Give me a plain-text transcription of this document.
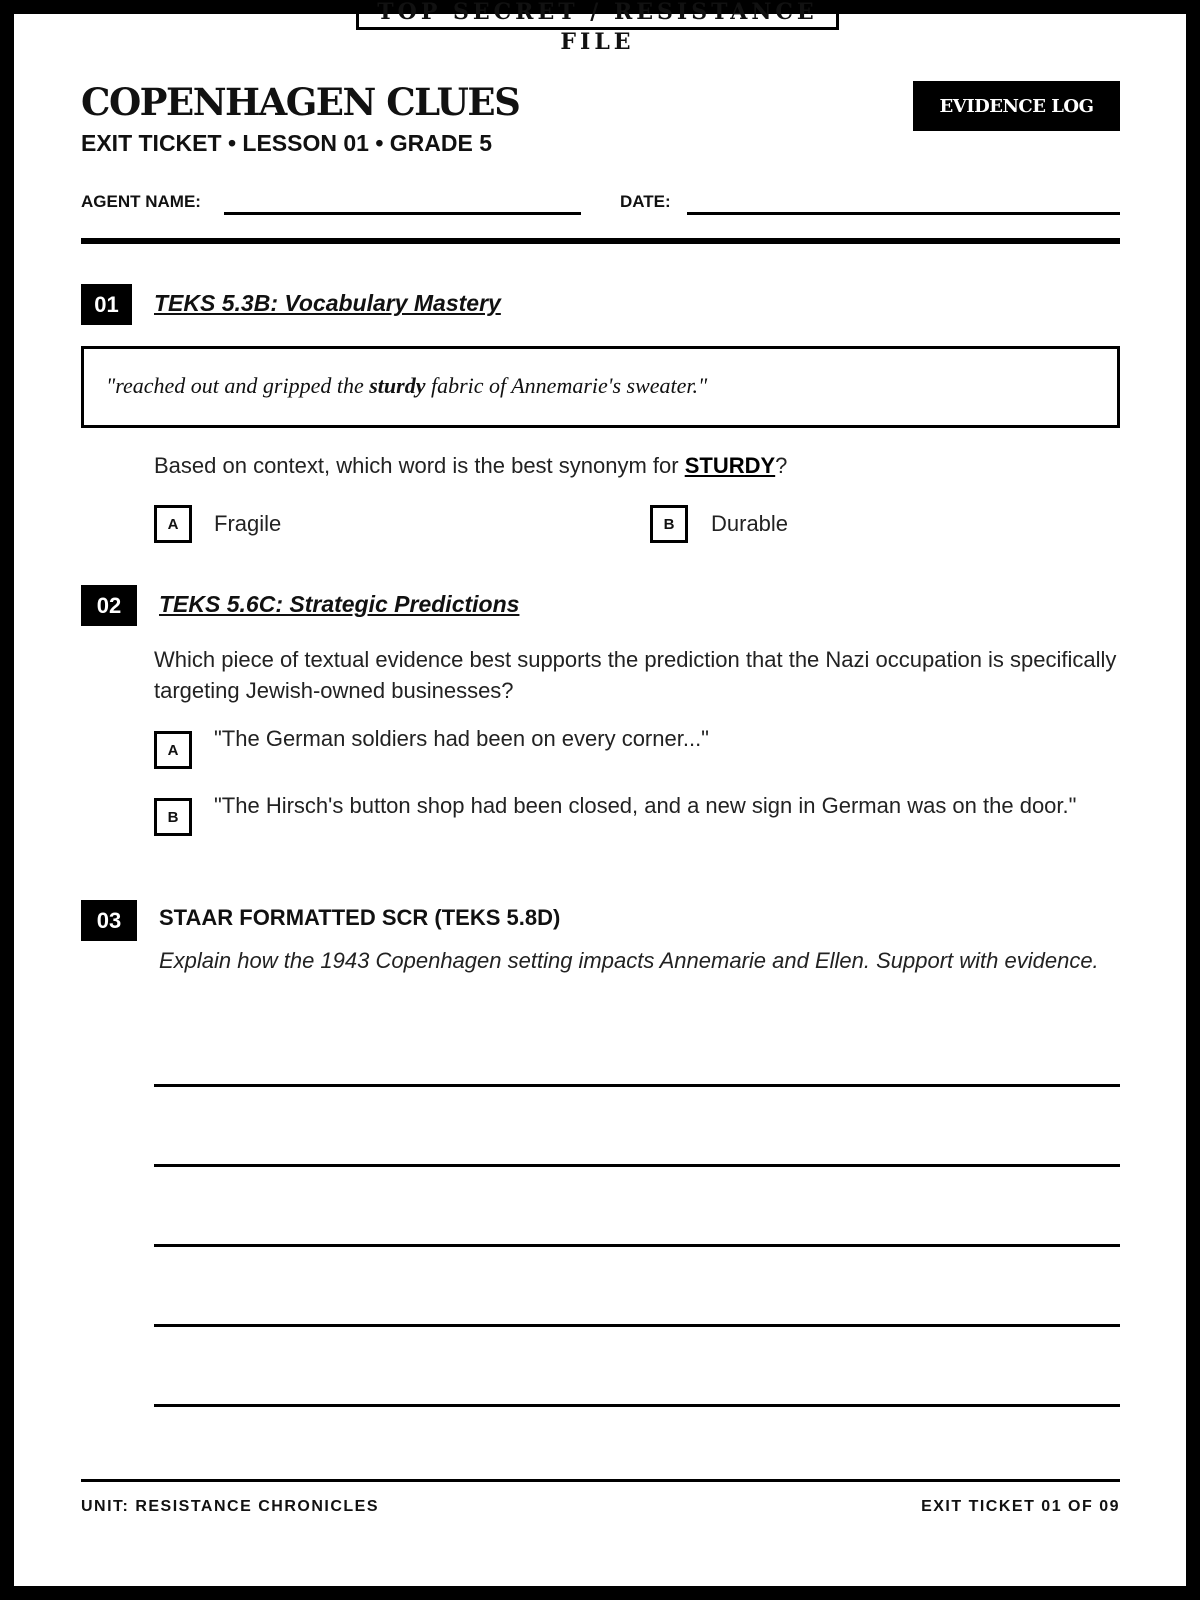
TOP SECRET / RESISTANCE FILE
COPENHAGEN CLUES
EXIT TICKET • LESSON 01 • GRADE 5
EVIDENCE LOG
AGENT NAME:	DATE:
01	TEKS 5.3B: Vocabulary Mastery
"reached out and gripped the sturdy fabric of Annemarie's sweater."
Based on context, which word is the best synonym for STURDY?
A	Fragile	B	Durable
02	TEKS 5.6C: Strategic Predictions
Which piece of textual evidence best supports the prediction that the Nazi occupation is specifically targeting Jewish-owned businesses?
A	"The German soldiers had been on every corner..."
B	"The Hirsch's button shop had been closed, and a new sign in German was on the door."
03	STAAR FORMATTED SCR (TEKS 5.8D)
Explain how the 1943 Copenhagen setting impacts Annemarie and Ellen. Support with evidence.
UNIT: RESISTANCE CHRONICLES	EXIT TICKET 01 OF 09
